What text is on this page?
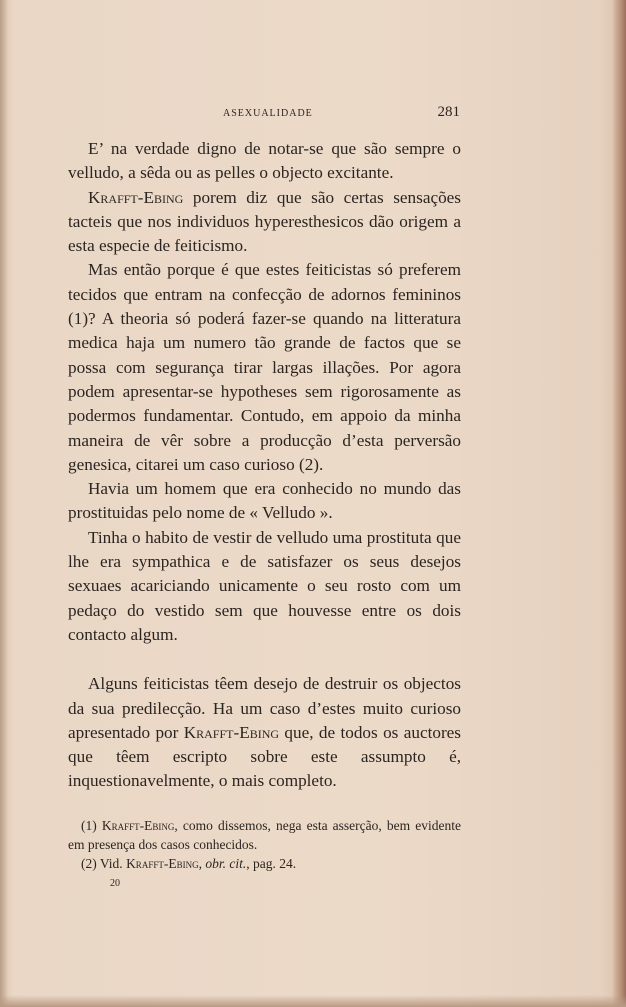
ASEXUALIDADE	281

E’ na verdade digno de notar-se que são sempre o velludo, a sêda ou as pelles o objecto excitante.

Krafft-Ebing porem diz que são certas sensações tacteis que nos individuos hyperesthesicos dão origem a esta especie de feiticismo.

Mas então porque é que estes feiticistas só preferem tecidos que entram na confecção de adornos femininos (1)? A theoria só poderá fazer-se quando na litteratura medica haja um numero tão grande de factos que se possa com segurança tirar largas illações. Por agora podem apresentar-se hypotheses sem rigorosamente as podermos fundamentar. Contudo, em appoio da minha maneira de vêr sobre a producção d’esta perversão genesica, citarei um caso curioso (2).

Havia um homem que era conhecido no mundo das prostituidas pelo nome de « Velludo ».

Tinha o habito de vestir de velludo uma prostituta que lhe era sympathica e de satisfazer os seus desejos sexuaes acariciando unicamente o seu rosto com um pedaço do vestido sem que houvesse entre os dois contacto algum.

Alguns feiticistas têem desejo de destruir os objectos da sua predilecção. Ha um caso d’estes muito curioso apresentado por Krafft-Ebing que, de todos os auctores que têem escripto sobre este assumpto é, inquestionavelmente, o mais completo.

(1) Krafft-Ebing, como dissemos, nega esta asserção, bem evidente em presença dos casos conhecidos.

(2) Vid. Krafft-Ebing, obr. cit., pag. 24.

20
